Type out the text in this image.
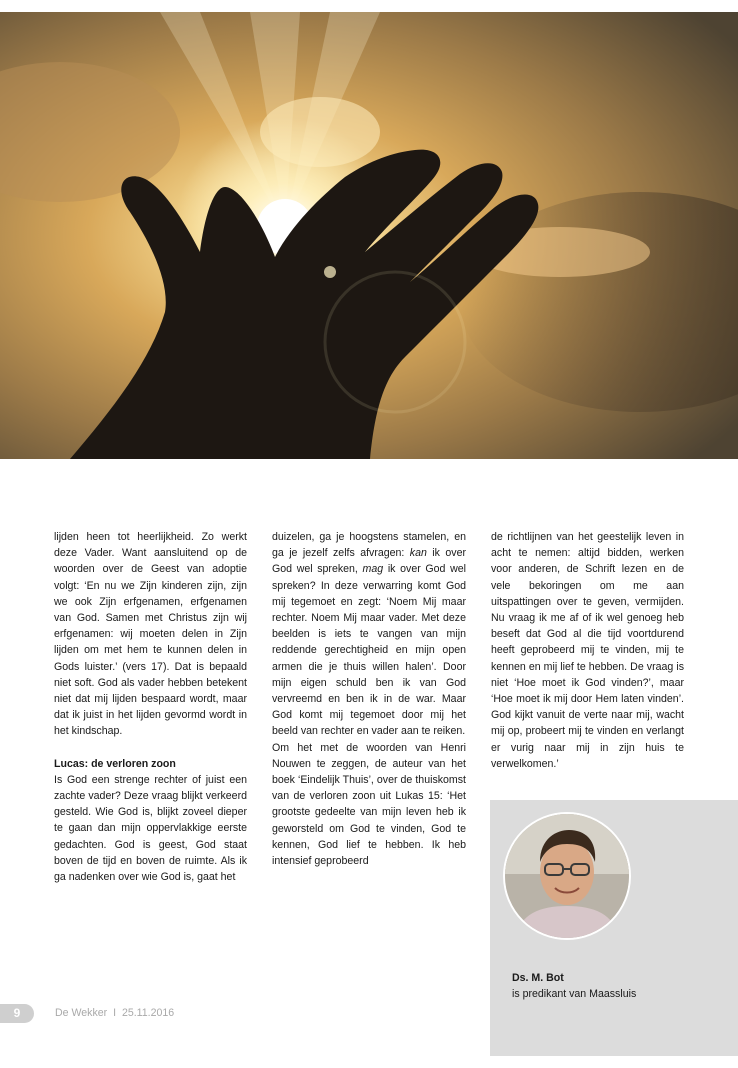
lijden heen tot heerlijkheid. Zo werkt deze Vader. Want aansluitend op de woorden over de Geest van adoptie volgt: ‘En nu we Zijn kinderen zijn, zijn we ook Zijn erfgenamen, erfgenamen van God. Samen met Christus zijn wij erfgenamen: wij moeten delen in Zijn lijden om met hem te kunnen delen in Gods luister.’ (vers 17). Dat is bepaald niet soft. God als vader hebben betekent niet dat mij lijden bespaard wordt, maar dat ik juist in het lijden gevormd wordt in het kindschap.

Lucas: de verloren zoon

Is God een strenge rechter of juist een zachte vader? Deze vraag blijkt verkeerd gesteld. Wie God is, blijkt zoveel dieper te gaan dan mijn oppervlakkige eerste gedachten. God is geest, God staat boven de tijd en boven de ruimte. Als ik ga nadenken over wie God is, gaat het

duizelen, ga je hoogstens stamelen, en ga je jezelf zelfs afvragen: kan ik over God wel spreken, mag ik over God wel spreken? In deze verwarring komt God mij tegemoet en zegt: ‘Noem Mij maar rechter. Noem Mij maar vader. Met deze beelden is iets te vangen van mijn reddende gerechtigheid en mijn open armen die je thuis willen halen’. Door mijn eigen schuld ben ik van God vervreemd en ben ik in de war. Maar God komt mij tegemoet door mij het beeld van rechter en vader aan te reiken.

Om het met de woorden van Henri Nouwen te zeggen, de auteur van het boek ‘Eindelijk Thuis’, over de thuiskomst van de verloren zoon uit Lukas 15: ‘Het grootste gedeelte van mijn leven heb ik geworsteld om God te vinden, God te kennen, God lief te hebben. Ik heb intensief geprobeerd

de richtlijnen van het geestelijk leven in acht te nemen: altijd bidden, werken voor anderen, de Schrift lezen en de vele bekoringen om me aan uitspattingen over te geven, vermijden. Nu vraag ik me af of ik wel genoeg heb beseft dat God al die tijd voortdurend heeft geprobeerd mij te vinden, mij te kennen en mij lief te hebben. De vraag is niet ‘Hoe moet ik God vinden?’, maar ‘Hoe moet ik mij door Hem laten vinden’. God kijkt vanuit de verte naar mij, wacht mij op, probeert mij te vinden en verlangt er vurig naar mij in zijn huis te verwelkomen.’

Ds. M. Bot
is predikant van Maassluis
9	De Wekker I 25.11.2016
